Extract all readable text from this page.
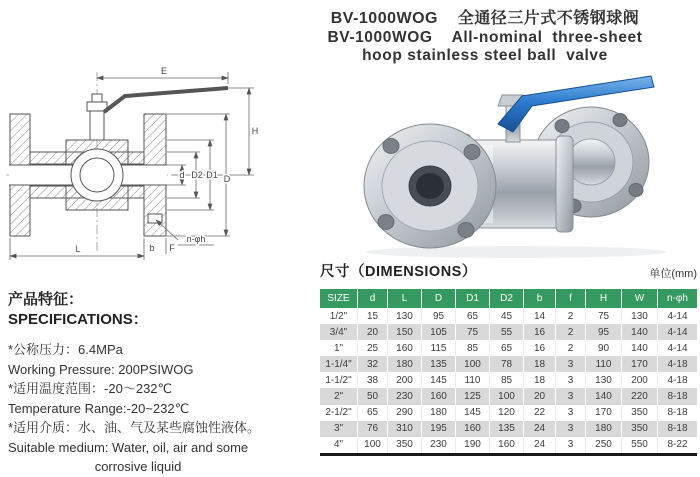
BV-1000WOG    全通径三片式不锈钢球阀
BV-1000WOG    All-nominal  three-sheet
hoop stainless steel ball  valve
E
H
d D2 D1 D
n-φh
b F
L
产品特征：
SPECIFICATIONS：
*公称压力：6.4MPa
Working Pressure: 200PSIWOG
*适用温度范围：-20～232℃
Temperature Range:-20~232℃
*适用介质：水、油、气及某些腐蚀性液体。
Suitable medium: Water, oil, air and some
corrosive liquid
尺寸（DIMENSIONS）	单位(mm)
SIZE	d	L	D	D1	D2	b	f	H	W	n-φh
1/2"	15	130	95	65	45	14	2	75	130	4-14
3/4"	20	150	105	75	55	16	2	95	140	4-14
1"	25	160	115	85	65	16	2	90	140	4-14
1-1/4"	32	180	135	100	78	18	3	110	170	4-18
1-1/2"	38	200	145	110	85	18	3	130	200	4-18
2"	50	230	160	125	100	20	3	140	220	8-18
2-1/2"	65	290	180	145	120	22	3	170	350	8-18
3"	76	310	195	160	135	24	3	180	350	8-18
4"	100	350	230	190	160	24	3	250	550	8-22
